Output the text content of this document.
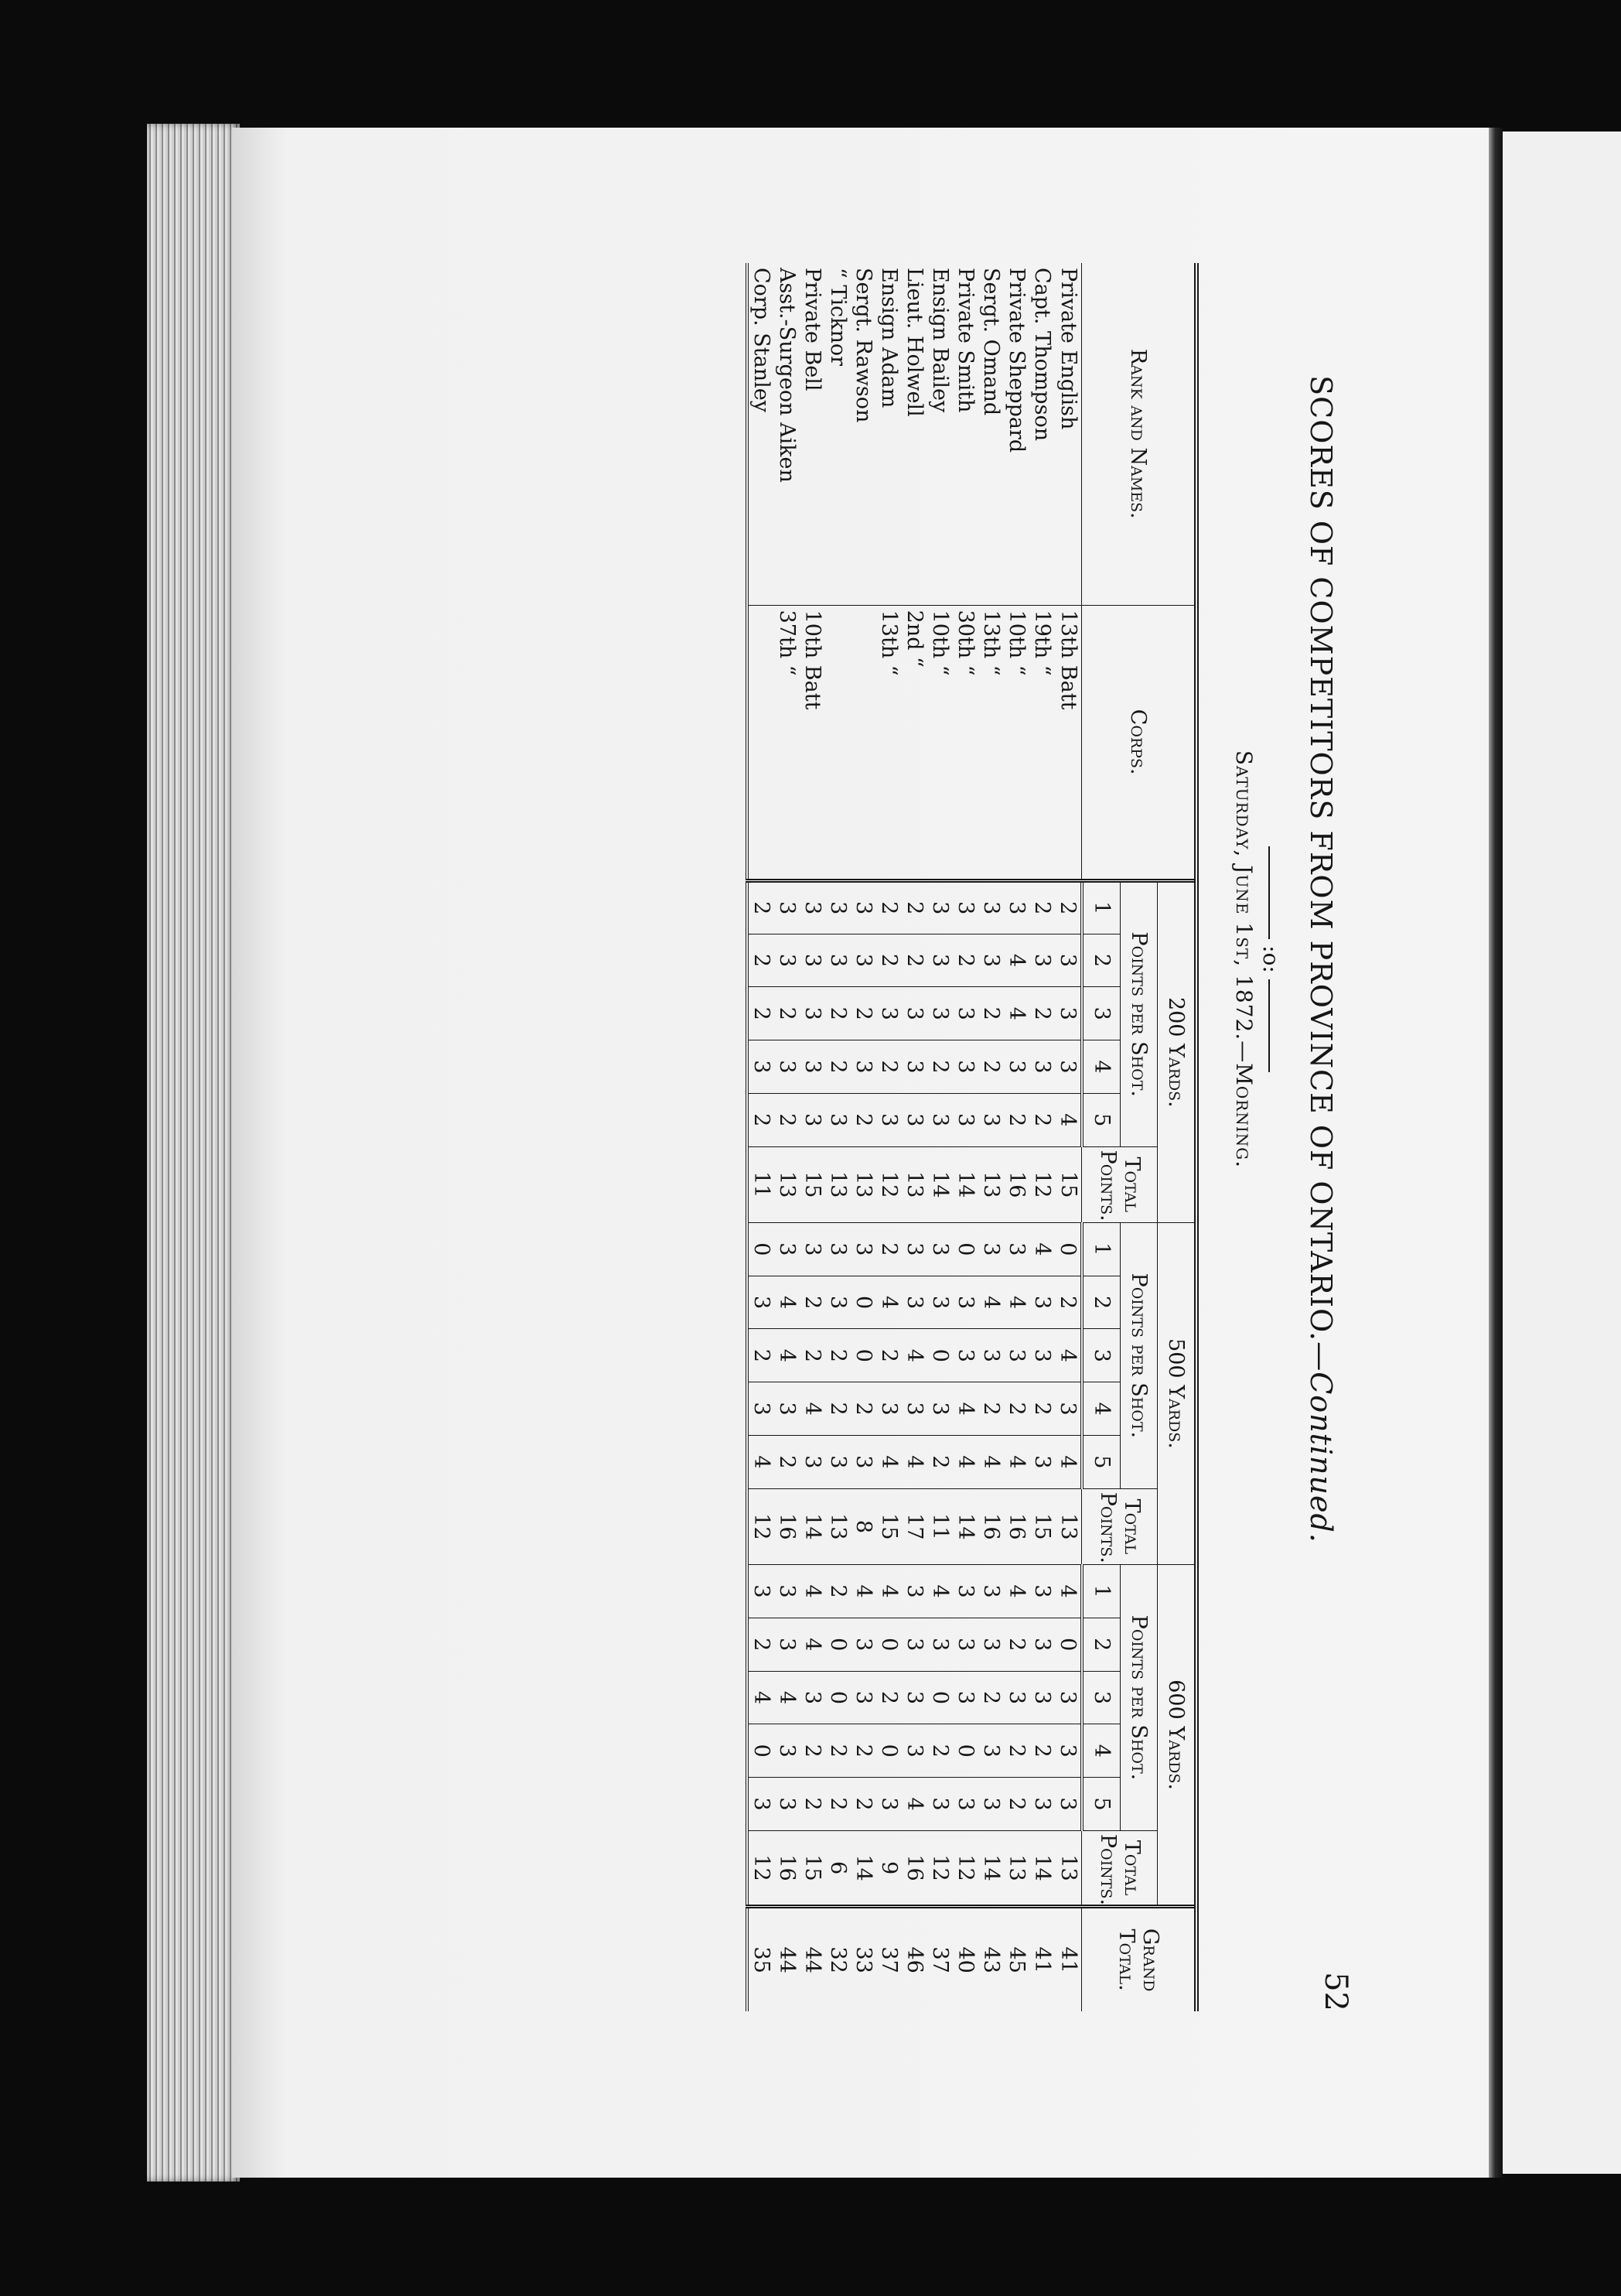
52
SCORES OF COMPETITORS FROM PROVINCE OF ONTARIO.—Continued.
:o:
Saturday, June 1st, 1872.—Morning.
Rank and Names.	Corps.	200 Yards.						500 Yards.						600 Yards.						Grand Total.
		Points per Shot.					Total Points.	Points per Shot.					Total Points.	Points per Shot.					Total Points.	
		1	2	3	4	5		1	2	3	4	5		1	2	3	4	5		
Private English	13th Batt	2	3	3	3	4	15	0	2	4	3	4	13	4	0	3	3	3	13	41
Capt. Thompson	19th “	2	3	2	3	2	12	4	3	3	2	3	15	3	3	3	2	3	14	41
Private Sheppard	10th “	3	4	4	3	2	16	3	4	3	2	4	16	4	2	3	2	2	13	45
Sergt. Omand	13th “	3	3	2	2	3	13	3	4	3	2	4	16	3	3	2	3	3	14	43
Private Smith	30th “	3	2	3	3	3	14	0	3	3	4	4	14	3	3	3	0	3	12	40
Ensign Bailey	10th “	3	3	3	2	3	14	3	3	0	3	2	11	4	3	0	2	3	12	37
Lieut. Holwell	2nd “	2	2	3	3	3	13	3	3	4	3	4	17	3	3	3	3	4	16	46
Ensign Adam	13th “	2	2	3	2	3	12	2	4	2	3	4	15	4	0	2	0	3	9	37
Sergt. Rawson		3	3	2	3	2	13	3	0	0	2	3	8	4	3	3	2	2	14	33
“ Ticknor		3	3	2	2	3	13	3	3	2	2	3	13	2	0	0	2	2	6	32
Private Bell	10th Batt	3	3	3	3	3	15	3	2	2	4	3	14	4	4	3	2	2	15	44
Asst.-Surgeon Aiken	37th “	3	3	2	3	2	13	3	4	4	3	2	16	3	3	4	3	3	16	44
Corp. Stanley		2	2	2	3	2	11	0	3	2	3	4	12	3	2	4	0	3	12	35
